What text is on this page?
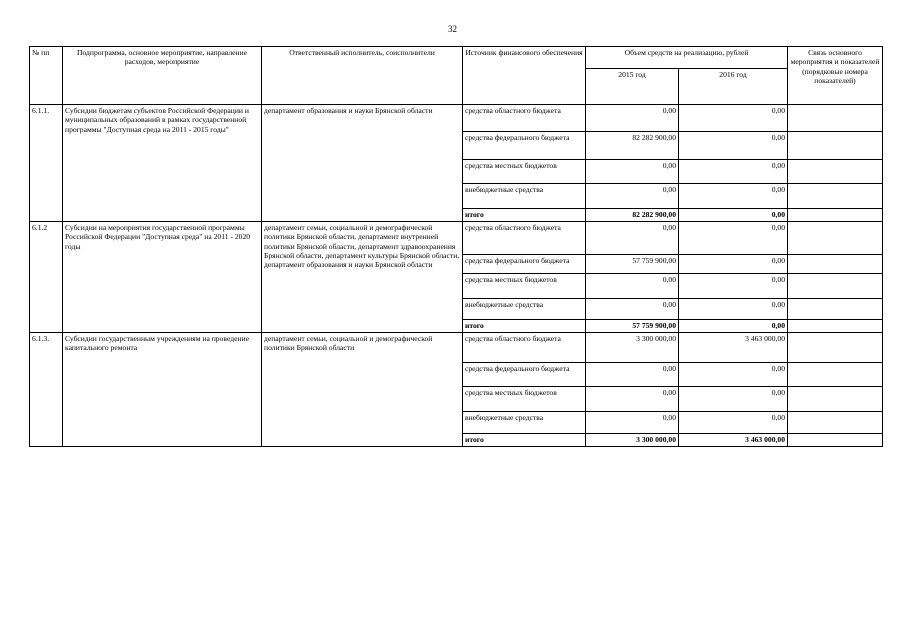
32
№ пп	Подпрограмма, основное мероприятие, направление расходов, мероприятие	Ответственный исполнитель, соисполнители	Источник финансового обеспечения	Объем средств на реализацию, рублей		Связь основного мероприятия и показателей (порядковые номера показателей)
				2015 год	2016 год	
6.1.1.	Субсидии бюджетам субъектов Российской Федерации и муниципальных образований в рамках государственной программы "Доступная среда на 2011 - 2015 годы"	департамент образования и науки Брянской области	средства областного бюджета	0,00	0,00	
			средства федерального бюджета	82 282 900,00	0,00	
			средства местных бюджетов	0,00	0,00	
			внебюджетные средства	0,00	0,00	
			итого	82 282 900,00	0,00	
6.1.2	Субсидии на мероприятия государственной программы Российской Федерации "Доступная среда" на 2011 - 2020 годы	департамент семьи, социальной и демографической политики Брянской области, департамент внутренней политики Брянской области, департамент здравоохранения Брянской области, департамент культуры Брянской области, департамент образования и науки Брянской области	средства областного бюджета	0,00	0,00	
			средства федерального бюджета	57 759 900,00	0,00	
			средства местных бюджетов	0,00	0,00	
			внебюджетные средства	0,00	0,00	
			итого	57 759 900,00	0,00	
6.1.3.	Субсидии государственным учреждениям на проведение капитального ремонта	департамент семьи, социальной и демографической политики Брянской области	средства областного бюджета	3 300 000,00	3 463 000,00	
			средства федерального бюджета	0,00	0,00	
			средства местных бюджетов	0,00	0,00	
			внебюджетные средства	0,00	0,00	
			итого	3 300 000,00	3 463 000,00	
